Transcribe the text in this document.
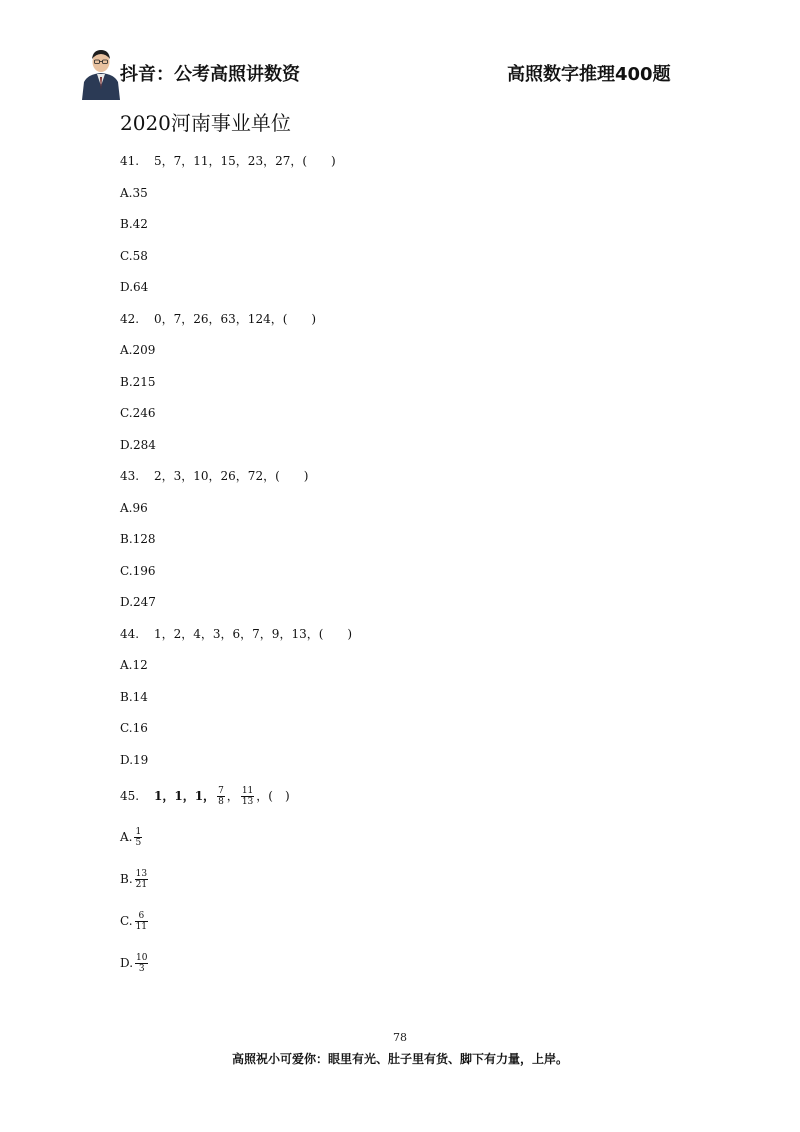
抖音：公考高照讲数资	高照数字推理400题
2020河南事业单位
41. 5，7，11，15，23，27，(　　)
A.35
B.42
C.58
D.64
42. 0，7，26，63，124，(　　)
A.209
B.215
C.246
D.284
43. 2，3，10，26，72，(　　)
A.96
B.128
C.196
D.247
44. 1，2，4，3，6，7，9，13，(　　)
A.12
B.14
C.16
D.19
45. 1，1，1， $\frac{7}{8}$ ， $\frac{11}{13}$ ，(　)
A. $\frac{1}{5}$
B. $\frac{13}{21}$
C. $\frac{6}{11}$
D. $\frac{10}{3}$
78
高照祝小可爱你：眼里有光、肚子里有货、脚下有力量，上岸。
